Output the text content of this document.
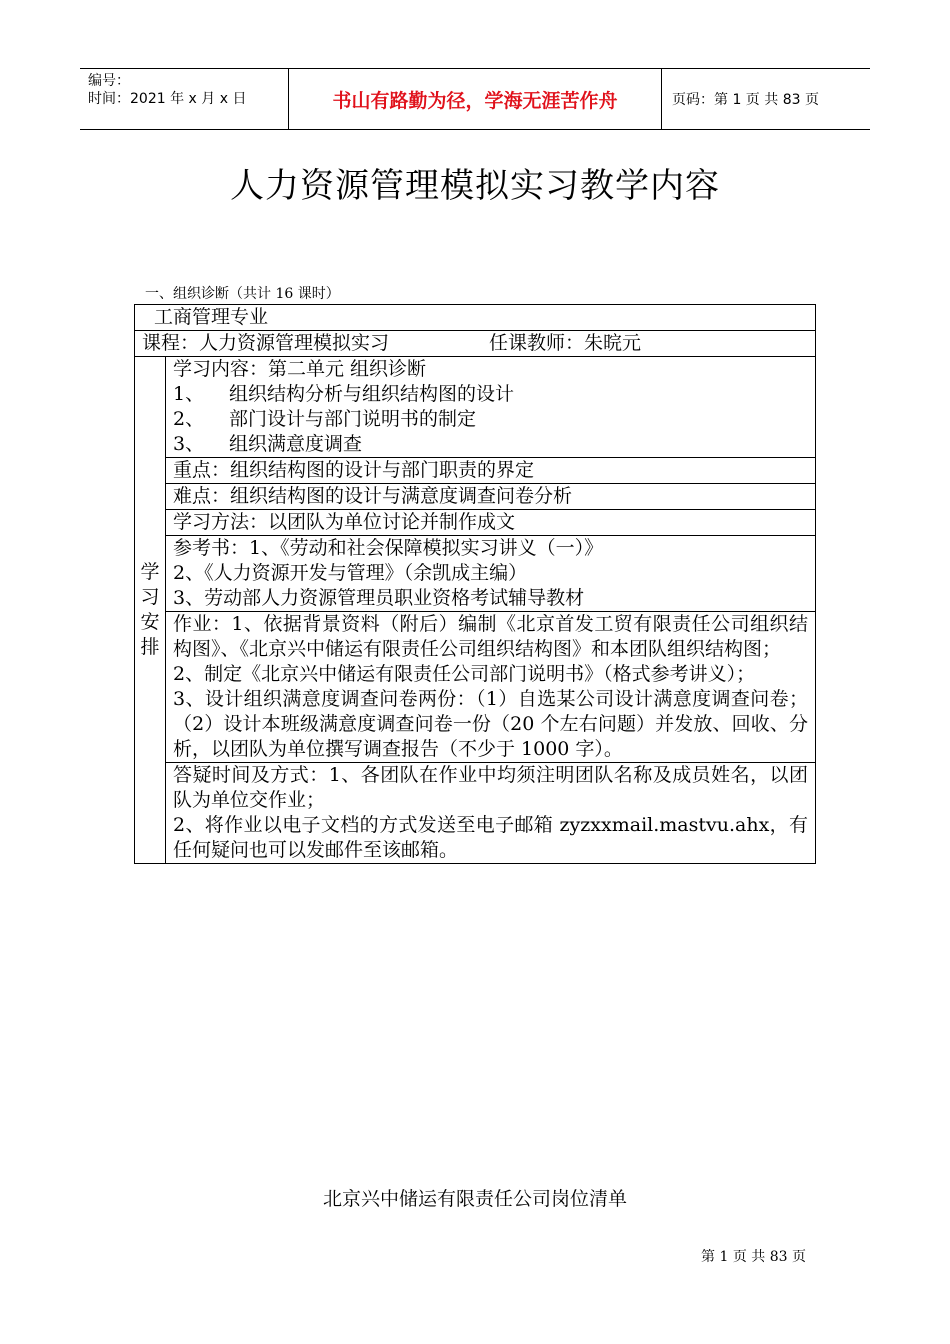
编号：
时间：2021 年 x 月 x 日	书山有路勤为径，学海无涯苦作舟	页码：第 1 页 共 83 页
人力资源管理模拟实习教学内容
一、组织诊断（共计 16 课时）
工商管理专业
课程：人力资源管理模拟实习	任课教师：朱晥元

学
习
安
排

学习内容：第二单元 组织诊断
1、 组织结构分析与组织结构图的设计
2、 部门设计与部门说明书的制定
3、 组织满意度调查

重点：组织结构图的设计与部门职责的界定
难点：组织结构图的设计与满意度调查问卷分析
学习方法：以团队为单位讨论并制作成文

参考书：1、《劳动和社会保障模拟实习讲义（一）》
2、《人力资源开发与管理》（余凯成主编）
3、劳动部人力资源管理员职业资格考试辅导教材

作业：1、依据背景资料（附后）编制《北京首发工贸有限责任公司组织结构图》、《北京兴中储运有限责任公司组织结构图》和本团队组织结构图；
2、制定《北京兴中储运有限责任公司部门说明书》（格式参考讲义）；
3、设计组织满意度调查问卷两份：（1）自选某公司设计满意度调查问卷；（2）设计本班级满意度调查问卷一份（20 个左右问题）并发放、回收、分析，以团队为单位撰写调查报告（不少于 1000 字）。

答疑时间及方式：1、各团队在作业中均须注明团队名称及成员姓名，以团队为单位交作业；
2、将作业以电子文档的方式发送至电子邮箱 zyzxxmail.mastvu.ahx，有任何疑问也可以发邮件至该邮箱。
北京兴中储运有限责任公司岗位清单
第 1 页 共 83 页
